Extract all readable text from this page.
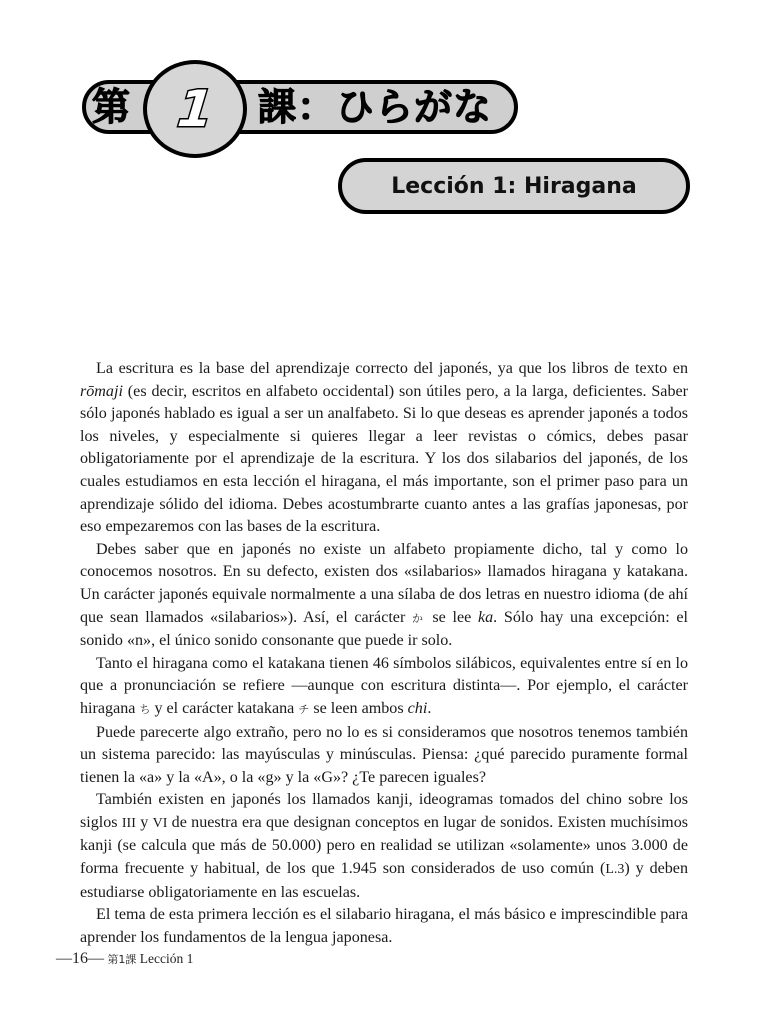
第	課：ひらがな
1
Lección 1: Hiragana

La escritura es la base del aprendizaje correcto del japonés, ya que los libros de texto en rōmaji (es decir, escritos en alfabeto occidental) son útiles pero, a la larga, deficientes. Saber sólo japonés hablado es igual a ser un analfabeto. Si lo que deseas es aprender japonés a todos los niveles, y especialmente si quieres llegar a leer revistas o cómics, debes pasar obligatoriamente por el aprendizaje de la escritura. Y los dos silabarios del japonés, de los cuales estudiamos en esta lección el hiragana, el más importante, son el primer paso para un aprendizaje sólido del idioma. Debes acostumbrarte cuanto antes a las grafías japonesas, por eso empezaremos con las bases de la escritura.

Debes saber que en japonés no existe un alfabeto propiamente dicho, tal y como lo conocemos nosotros. En su defecto, existen dos «silabarios» llamados hiragana y katakana. Un carácter japonés equivale normalmente a una sílaba de dos letras en nuestro idioma (de ahí que sean llamados «silabarios»). Así, el carácter か se lee ka. Sólo hay una excepción: el sonido «n», el único sonido consonante que puede ir solo.

Tanto el hiragana como el katakana tienen 46 símbolos silábicos, equivalentes entre sí en lo que a pronunciación se refiere —aunque con escritura distinta—. Por ejemplo, el carácter hiragana ち y el carácter katakana チ se leen ambos chi.

Puede parecerte algo extraño, pero no lo es si consideramos que nosotros tenemos también un sistema parecido: las mayúsculas y minúsculas. Piensa: ¿qué parecido puramente formal tienen la «a» y la «A», o la «g» y la «G»? ¿Te parecen iguales?

También existen en japonés los llamados kanji, ideogramas tomados del chino sobre los siglos III y VI de nuestra era que designan conceptos en lugar de sonidos. Existen muchísimos kanji (se calcula que más de 50.000) pero en realidad se utilizan «solamente» unos 3.000 de forma frecuente y habitual, de los que 1.945 son considerados de uso común (L.3) y deben estudiarse obligatoriamente en las escuelas.

El tema de esta primera lección es el silabario hiragana, el más básico e imprescindible para aprender los fundamentos de la lengua japonesa.

—16— 第1課 Lección 1
